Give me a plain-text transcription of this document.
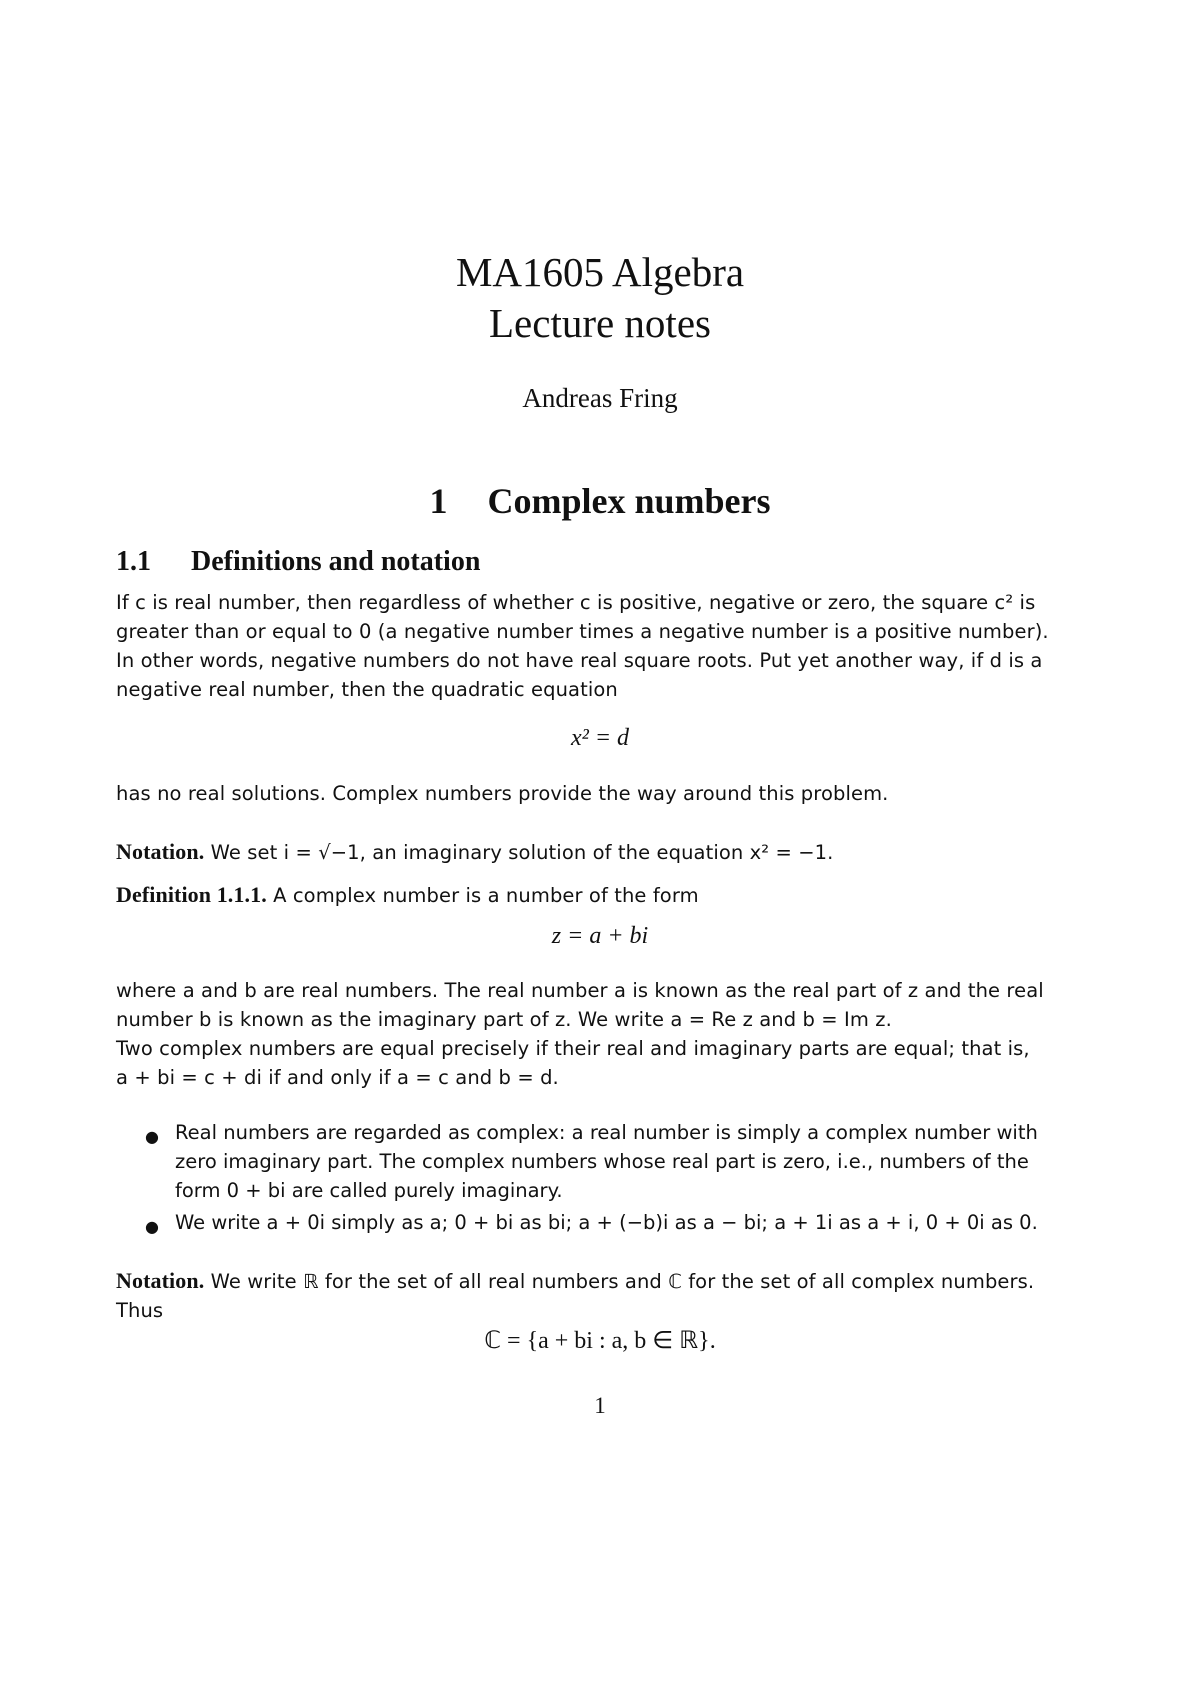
MA1605 Algebra
Lecture notes
Andreas Fring
1 Complex numbers
1.1 Definitions and notation
If c is real number, then regardless of whether c is positive, negative or zero, the square c² is
greater than or equal to 0 (a negative number times a negative number is a positive number).
In other words, negative numbers do not have real square roots. Put yet another way, if d is a
negative real number, then the quadratic equation
x² = d
has no real solutions. Complex numbers provide the way around this problem.
Notation. We set i = √−1, an imaginary solution of the equation x² = −1.
Definition 1.1.1. A complex number is a number of the form
z = a + bi
where a and b are real numbers. The real number a is known as the real part of z and the real
number b is known as the imaginary part of z. We write a = Re z and b = Im z.
Two complex numbers are equal precisely if their real and imaginary parts are equal; that is,
a + bi = c + di if and only if a = c and b = d.
● Real numbers are regarded as complex: a real number is simply a complex number with
zero imaginary part. The complex numbers whose real part is zero, i.e., numbers of the
form 0 + bi are called purely imaginary.
● We write a + 0i simply as a; 0 + bi as bi; a + (−b)i as a − bi; a + 1i as a + i, 0 + 0i as 0.
Notation. We write ℝ for the set of all real numbers and ℂ for the set of all complex numbers.
Thus
ℂ = {a + bi : a, b ∈ ℝ}.
1
